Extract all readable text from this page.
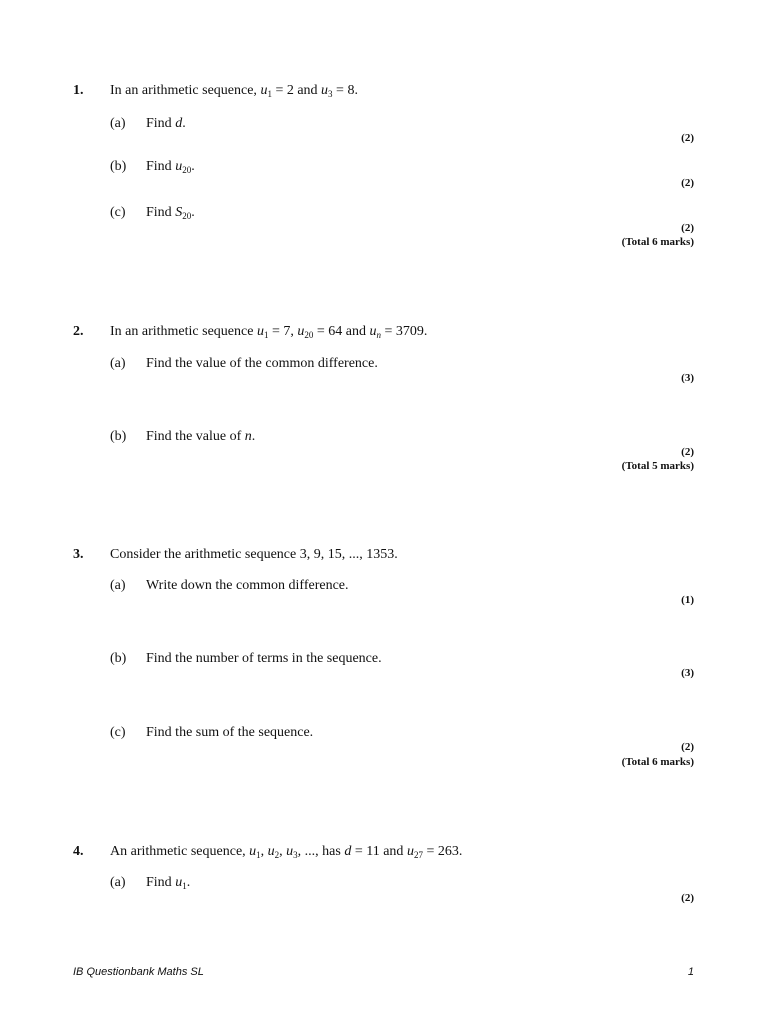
1. In an arithmetic sequence, $u_1 = 2$ and $u_3 = 8$.
(a) Find d.
(2)
(b) Find $u_{20}$.
(2)
(c) Find $S_{20}$.
(2)
(Total 6 marks)
2. In an arithmetic sequence $u_1 = 7$, $u_{20} = 64$ and $u_n = 3709$.
(a) Find the value of the common difference.
(3)
(b) Find the value of n.
(2)
(Total 5 marks)
3. Consider the arithmetic sequence 3, 9, 15, ..., 1353.
(a) Write down the common difference.
(1)
(b) Find the number of terms in the sequence.
(3)
(c) Find the sum of the sequence.
(2)
(Total 6 marks)
4. An arithmetic sequence, $u_1$, $u_2$, $u_3$, ..., has d = 11 and $u_{27} = 263$.
(a) Find $u_1$.
(2)
IB Questionbank Maths SL	1
